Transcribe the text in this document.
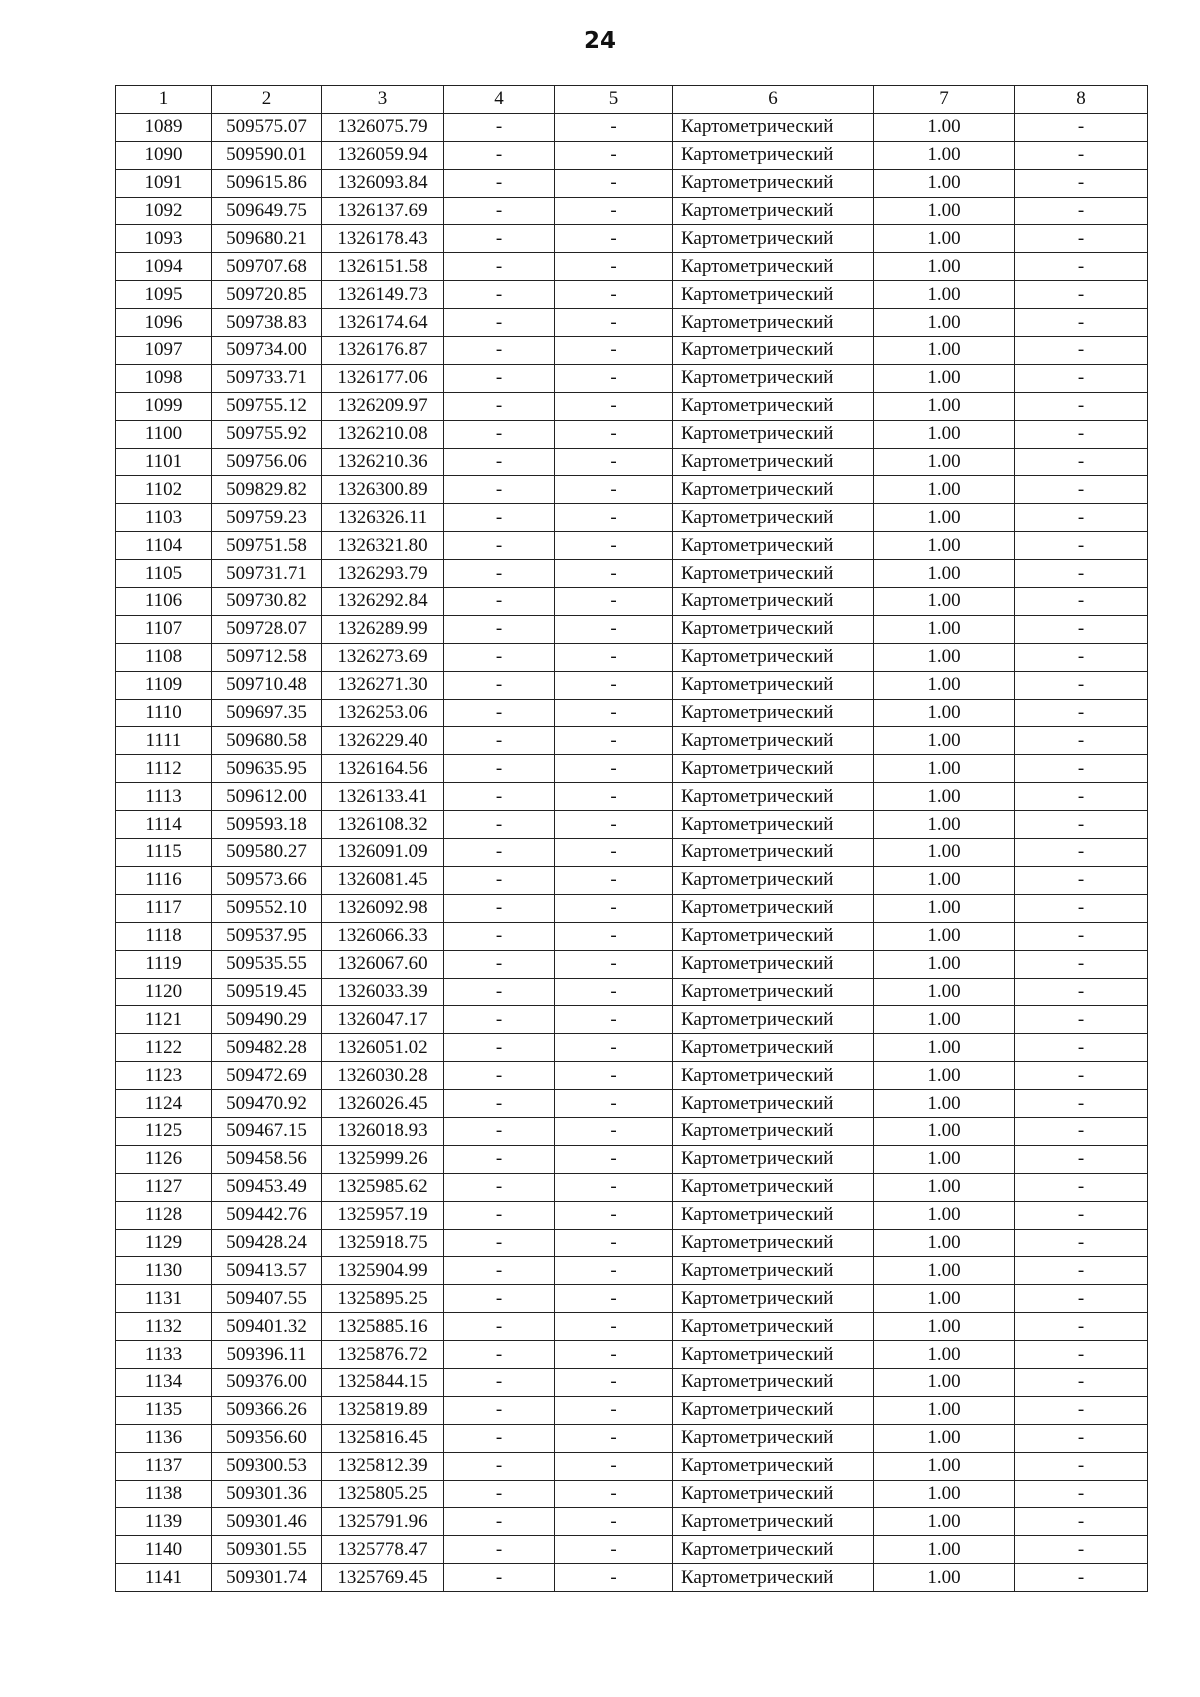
24
1	2	3	4	5	6	7	8
1089	509575.07	1326075.79	-	-	Картометрический	1.00	-
1090	509590.01	1326059.94	-	-	Картометрический	1.00	-
1091	509615.86	1326093.84	-	-	Картометрический	1.00	-
1092	509649.75	1326137.69	-	-	Картометрический	1.00	-
1093	509680.21	1326178.43	-	-	Картометрический	1.00	-
1094	509707.68	1326151.58	-	-	Картометрический	1.00	-
1095	509720.85	1326149.73	-	-	Картометрический	1.00	-
1096	509738.83	1326174.64	-	-	Картометрический	1.00	-
1097	509734.00	1326176.87	-	-	Картометрический	1.00	-
1098	509733.71	1326177.06	-	-	Картометрический	1.00	-
1099	509755.12	1326209.97	-	-	Картометрический	1.00	-
1100	509755.92	1326210.08	-	-	Картометрический	1.00	-
1101	509756.06	1326210.36	-	-	Картометрический	1.00	-
1102	509829.82	1326300.89	-	-	Картометрический	1.00	-
1103	509759.23	1326326.11	-	-	Картометрический	1.00	-
1104	509751.58	1326321.80	-	-	Картометрический	1.00	-
1105	509731.71	1326293.79	-	-	Картометрический	1.00	-
1106	509730.82	1326292.84	-	-	Картометрический	1.00	-
1107	509728.07	1326289.99	-	-	Картометрический	1.00	-
1108	509712.58	1326273.69	-	-	Картометрический	1.00	-
1109	509710.48	1326271.30	-	-	Картометрический	1.00	-
1110	509697.35	1326253.06	-	-	Картометрический	1.00	-
1111	509680.58	1326229.40	-	-	Картометрический	1.00	-
1112	509635.95	1326164.56	-	-	Картометрический	1.00	-
1113	509612.00	1326133.41	-	-	Картометрический	1.00	-
1114	509593.18	1326108.32	-	-	Картометрический	1.00	-
1115	509580.27	1326091.09	-	-	Картометрический	1.00	-
1116	509573.66	1326081.45	-	-	Картометрический	1.00	-
1117	509552.10	1326092.98	-	-	Картометрический	1.00	-
1118	509537.95	1326066.33	-	-	Картометрический	1.00	-
1119	509535.55	1326067.60	-	-	Картометрический	1.00	-
1120	509519.45	1326033.39	-	-	Картометрический	1.00	-
1121	509490.29	1326047.17	-	-	Картометрический	1.00	-
1122	509482.28	1326051.02	-	-	Картометрический	1.00	-
1123	509472.69	1326030.28	-	-	Картометрический	1.00	-
1124	509470.92	1326026.45	-	-	Картометрический	1.00	-
1125	509467.15	1326018.93	-	-	Картометрический	1.00	-
1126	509458.56	1325999.26	-	-	Картометрический	1.00	-
1127	509453.49	1325985.62	-	-	Картометрический	1.00	-
1128	509442.76	1325957.19	-	-	Картометрический	1.00	-
1129	509428.24	1325918.75	-	-	Картометрический	1.00	-
1130	509413.57	1325904.99	-	-	Картометрический	1.00	-
1131	509407.55	1325895.25	-	-	Картометрический	1.00	-
1132	509401.32	1325885.16	-	-	Картометрический	1.00	-
1133	509396.11	1325876.72	-	-	Картометрический	1.00	-
1134	509376.00	1325844.15	-	-	Картометрический	1.00	-
1135	509366.26	1325819.89	-	-	Картометрический	1.00	-
1136	509356.60	1325816.45	-	-	Картометрический	1.00	-
1137	509300.53	1325812.39	-	-	Картометрический	1.00	-
1138	509301.36	1325805.25	-	-	Картометрический	1.00	-
1139	509301.46	1325791.96	-	-	Картометрический	1.00	-
1140	509301.55	1325778.47	-	-	Картометрический	1.00	-
1141	509301.74	1325769.45	-	-	Картометрический	1.00	-
